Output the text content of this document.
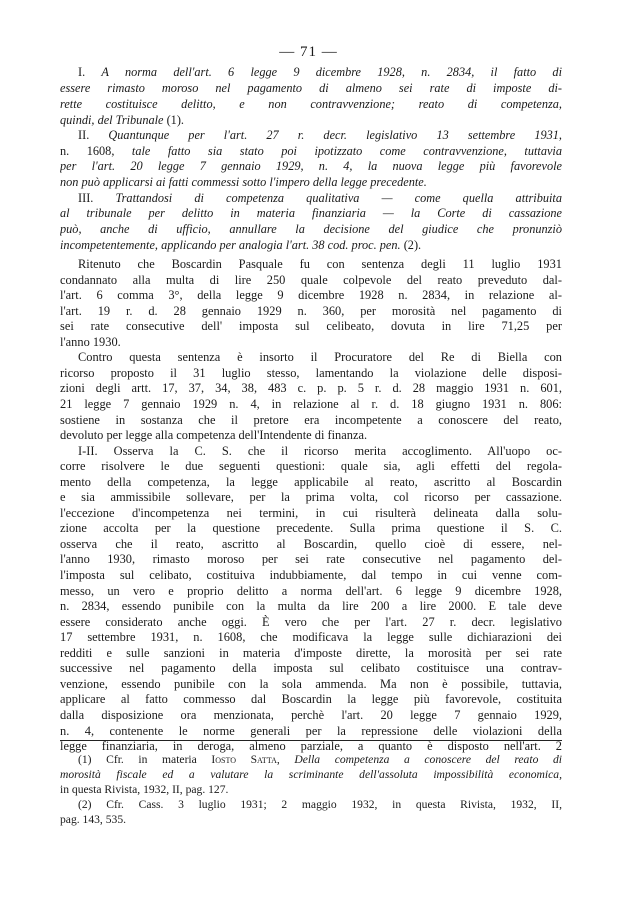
— 71 —
I. A norma dell'art. 6 legge 9 dicembre 1928, n. 2834, il fatto di
essere rimasto moroso nel pagamento di almeno sei rate di imposte di-
rette costituisce delitto, e non contravvenzione; reato di competenza,
quindi, del Tribunale (1).
II. Quantunque per l'art. 27 r. decr. legislativo 13 settembre 1931,
n. 1608, tale fatto sia stato poi ipotizzato come contravvenzione, tuttavia
per l'art. 20 legge 7 gennaio 1929, n. 4, la nuova legge più favorevole
non può applicarsi ai fatti commessi sotto l'impero della legge precedente.
III. Trattandosi di competenza qualitativa — come quella attribuita
al tribunale per delitto in materia finanziaria — la Corte di cassazione
può, anche di ufficio, annullare la decisione del giudice che pronunziò
incompetentemente, applicando per analogia l'art. 38 cod. proc. pen. (2).
Ritenuto che Boscardin Pasquale fu con sentenza degli 11 luglio 1931
condannato alla multa di lire 250 quale colpevole del reato preveduto dal-
l'art. 6 comma 3°, della legge 9 dicembre 1928 n. 2834, in relazione al-
l'art. 19 r. d. 28 gennaio 1929 n. 360, per morosità nel pagamento di
sei rate consecutive dell' imposta sul celibeato, dovuta in lire 71,25 per
l'anno 1930.
Contro questa sentenza è insorto il Procuratore del Re di Biella con
ricorso proposto il 31 luglio stesso, lamentando la violazione delle disposi-
zioni degli artt. 17, 37, 34, 38, 483 c. p. p. 5 r. d. 28 maggio 1931 n. 601,
21 legge 7 gennaio 1929 n. 4, in relazione al r. d. 18 giugno 1931 n. 806:
sostiene in sostanza che il pretore era incompetente a conoscere del reato,
devoluto per legge alla competenza dell'Intendente di finanza.
I-II. Osserva la C. S. che il ricorso merita accoglimento. All'uopo oc-
corre risolvere le due seguenti questioni: quale sia, agli effetti del regola-
mento della competenza, la legge applicabile al reato, ascritto al Boscardin
e sia ammissibile sollevare, per la prima volta, col ricorso per cassazione.
l'eccezione d'incompetenza nei termini, in cui risulterà delineata dalla solu-
zione accolta per la questione precedente. Sulla prima questione il S. C.
osserva che il reato, ascritto al Boscardin, quello cioè di essere, nel-
l'anno 1930, rimasto moroso per sei rate consecutive nel pagamento del-
l'imposta sul celibato, costituiva indubbiamente, dal tempo in cui venne com-
messo, un vero e proprio delitto a norma dell'art. 6 legge 9 dicembre 1928,
n. 2834, essendo punibile con la multa da lire 200 a lire 2000. E tale deve
essere considerato anche oggi. È vero che per l'art. 27 r. decr. legislativo
17 settembre 1931, n. 1608, che modificava la legge sulle dichiarazioni dei
redditi e sulle sanzioni in materia d'imposte dirette, la morosità per sei rate
successive nel pagamento della imposta sul celibato costituisce una contrav-
venzione, essendo punibile con la sola ammenda. Ma non è possibile, tuttavia,
applicare al fatto commesso dal Boscardin la legge più favorevole, costituita
dalla disposizione ora menzionata, perchè l'art. 20 legge 7 gennaio 1929,
n. 4, contenente le norme generali per la repressione delle violazioni della
legge finanziaria, in deroga, almeno parziale, a quanto è disposto nell'art. 2
(1) Cfr. in materia Iosto Satta, Della competenza a conoscere del reato di
morosità fiscale ed a valutare la scriminante dell'assoluta impossibilità economica,
in questa Rivista, 1932, II, pag. 127.
(2) Cfr. Cass. 3 luglio 1931; 2 maggio 1932, in questa Rivista, 1932, II,
pag. 143, 535.
